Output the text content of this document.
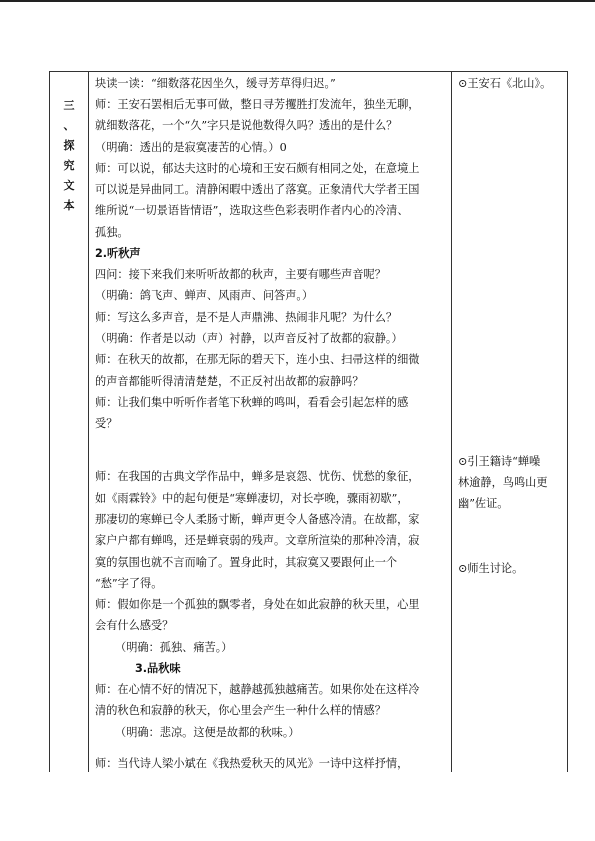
三
、
探
究
文
本
块读一读：“细数落花因坐久，缓寻芳草得归迟。”
师：王安石罢相后无事可做，整日寻芳攫胜打发流年，独坐无聊，
就细数落花，一个“久”字只是说他数得久吗？透出的是什么？
（明确：透出的是寂寞凄苦的心情。）0
师：可以说，郁达夫这时的心境和王安石颇有相同之处，在意境上
可以说是异曲同工。清静闲暇中透出了落寞。正象清代大学者王国
维所说“一切景语皆情语”，选取这些色彩表明作者内心的冷清、
孤独。
2.听秋声
四问：接下来我们来听听故都的秋声，主要有哪些声音呢？
（明确：鸽飞声、蝉声、风雨声、问答声。）
师：写这么多声音，是不是人声鼎沸、热闹非凡呢？为什么？
（明确：作者是以动（声）衬静，以声音反衬了故都的寂静。）
师：在秋天的故都，在那无际的碧天下，连小虫、扫帚这样的细微
的声音都能听得清清楚楚，不正反衬出故都的寂静吗？
师：让我们集中听听作者笔下秋蝉的鸣叫，看看会引起怎样的感
受？
师：在我国的古典文学作品中，蝉多是哀怨、忧伤、忧愁的象征，
如《雨霖铃》中的起句便是“寒蝉凄切，对长亭晚，骤雨初歇”，
那凄切的寒蝉已令人柔肠寸断，蝉声更令人备感冷清。在故都，家
家户户都有蝉鸣，还是蝉衰弱的残声。文章所渲染的那种冷清，寂
寞的氛围也就不言而喻了。置身此时，其寂寞又要跟何止一个
“愁”字了得。
师：假如你是一个孤独的飘零者，身处在如此寂静的秋天里，心里
会有什么感受？
（明确：孤独、痛苦。）
3.品秋味
师：在心情不好的情况下，越静越孤独越痛苦。如果你处在这样冷
清的秋色和寂静的秋天，你心里会产生一种什么样的情感？
（明确：悲凉。这便是故都的秋味。）
师：当代诗人梁小斌在《我热爱秋天的风光》一诗中这样抒情，
⊙王安石《北山》。
⊙引王籍诗“蝉噪
林逾静，鸟鸣山更
幽”佐证。
⊙师生讨论。
